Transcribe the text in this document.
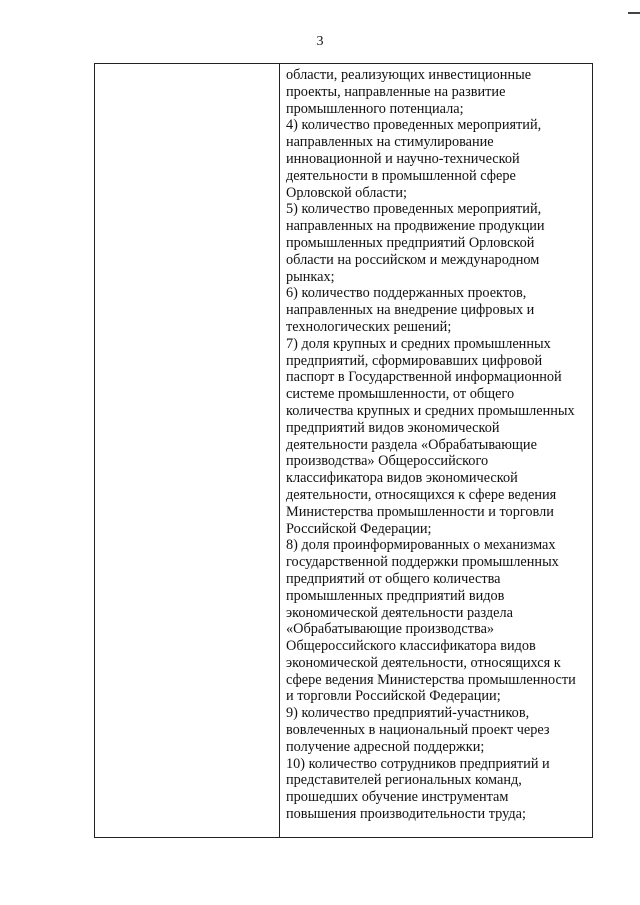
3
области, реализующих инвестиционные
проекты, направленные на развитие
промышленного потенциала;
4) количество проведенных мероприятий,
направленных на стимулирование
инновационной и научно-технической
деятельности в промышленной сфере
Орловской области;
5) количество проведенных мероприятий,
направленных на продвижение продукции
промышленных предприятий Орловской
области на российском и международном
рынках;
6) количество поддержанных проектов,
направленных на внедрение цифровых и
технологических решений;
7) доля крупных и средних промышленных
предприятий, сформировавших цифровой
паспорт в Государственной информационной
системе промышленности, от общего
количества крупных и средних промышленных
предприятий видов экономической
деятельности раздела «Обрабатывающие
производства» Общероссийского
классификатора видов экономической
деятельности, относящихся к сфере ведения
Министерства промышленности и торговли
Российской Федерации;
8) доля проинформированных о механизмах
государственной поддержки промышленных
предприятий от общего количества
промышленных предприятий видов
экономической деятельности раздела
«Обрабатывающие производства»
Общероссийского классификатора видов
экономической деятельности, относящихся к
сфере ведения Министерства промышленности
и торговли Российской Федерации;
9) количество предприятий-участников,
вовлеченных в национальный проект через
получение адресной поддержки;
10) количество сотрудников предприятий и
представителей региональных команд,
прошедших обучение инструментам
повышения производительности труда;
